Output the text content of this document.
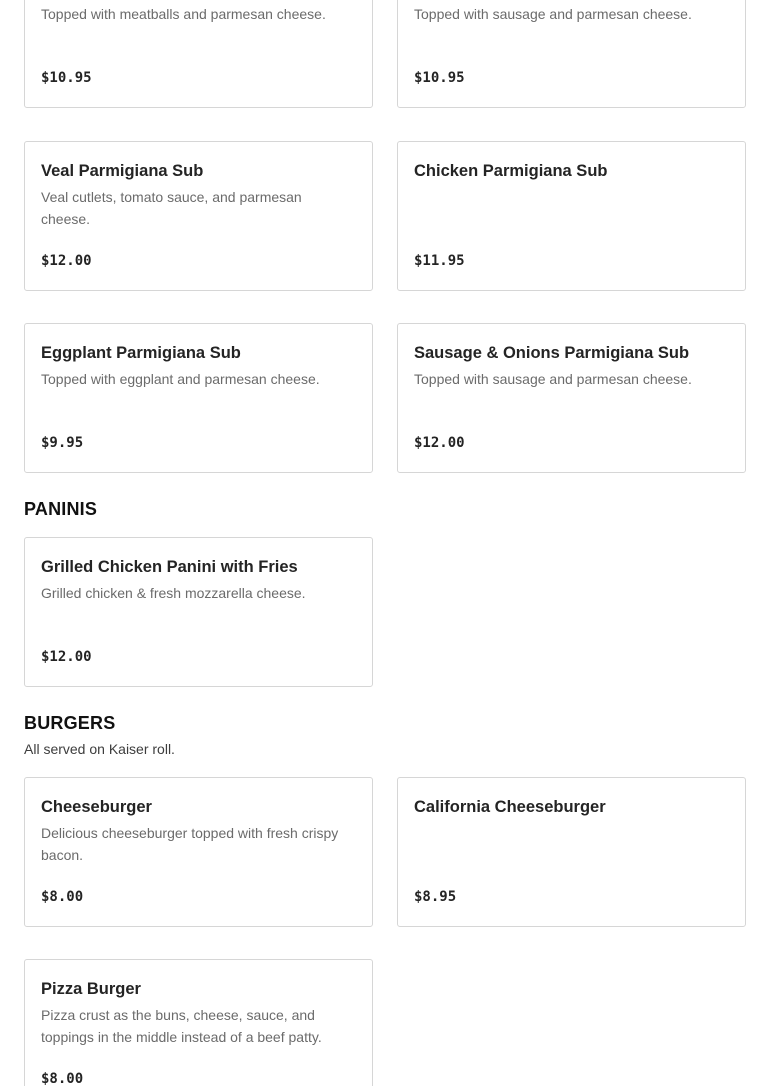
Topped with meatballs and parmesan cheese.
$10.95

Topped with sausage and parmesan cheese.
$10.95
Veal Parmigiana Sub
Veal cutlets, tomato sauce, and parmesan cheese.
$12.00
Chicken Parmigiana Sub
$11.95
Eggplant Parmigiana Sub
Topped with eggplant and parmesan cheese.
$9.95
Sausage & Onions Parmigiana Sub
Topped with sausage and parmesan cheese.
$12.00
PANINIS
Grilled Chicken Panini with Fries
Grilled chicken & fresh mozzarella cheese.
$12.00
BURGERS

All served on Kaiser roll.

Cheeseburger
Delicious cheeseburger topped with fresh crispy bacon.
$8.00
California Cheeseburger
$8.95
Pizza Burger
Pizza crust as the buns, cheese, sauce, and toppings in the middle instead of a beef patty.
$8.00
